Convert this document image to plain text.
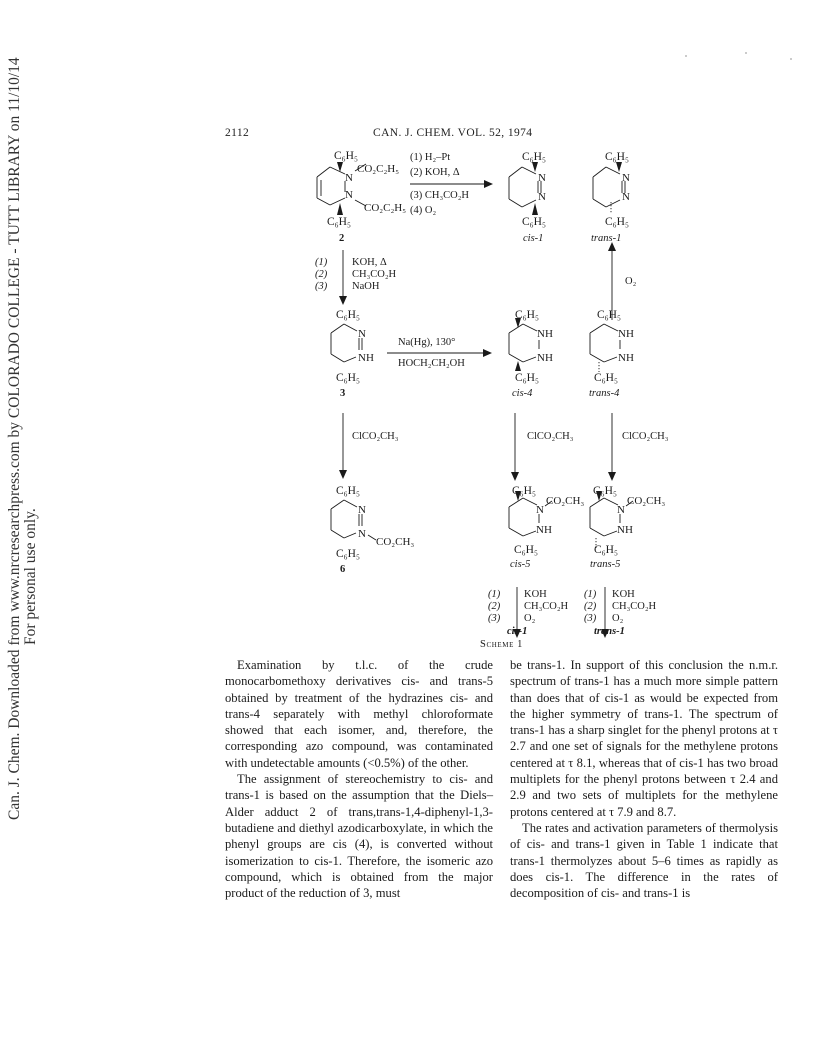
Can. J. Chem. Downloaded from www.nrcresearchpress.com by COLORADO COLLEGE - TUTT LIBRARY on 11/10/14 For personal use only.
2112	CAN. J. CHEM. VOL. 52, 1974
C₆H₅
N
CO₂C₂H₅
N
CO₂C₂H₅
C₆H₅
2
(1) H₂–Pt
(2) KOH, Δ
(3) CH₃CO₂H
(4) O₂
C₆H₅
N
N
C₆H₅
cis-1
C₆H₅
N
N
C₆H₅
trans-1
(1)
(2)
(3)
KOH, Δ
CH₃CO₂H
NaOH	O₂
C₆H₅
N
NH
C₆H₅
3
Na(Hg), 130°
HOCH₂CH₂OH
C₆H₅
NH
NH
C₆H₅
cis-4
C₆H₅
NH
NH
C₆H₅
trans-4
ClCO₂CH₃	ClCO₂CH₃	ClCO₂CH₃
C₆H₅
N
N
CO₂CH₃
C₆H₅
6
C₆H₅
CO₂CH₃
N
NH
C₆H₅
cis-5
C₆H₅
CO₂CH₃
N
NH
C₆H₅
trans-5
(1)
(2)
(3)
KOH
CH₃CO₂H
O₂
(1)
(2)
(3)
KOH
CH₃CO₂H
O₂
cis-1	trans-1
Scheme 1

Examination by t.l.c. of the crude monocarbomethoxy derivatives cis- and trans-5 obtained by treatment of the hydrazines cis- and trans-4 separately with methyl chloroformate showed that each isomer, and, therefore, the corresponding azo compound, was contaminated with undetectable amounts (<0.5%) of the other.

The assignment of stereochemistry to cis- and trans-1 is based on the assumption that the Diels–Alder adduct 2 of trans,trans-1,4-diphenyl-1,3-butadiene and diethyl azodicarboxylate, in which the phenyl groups are cis (4), is converted without isomerization to cis-1. Therefore, the isomeric azo compound, which is obtained from the major product of the reduction of 3, must

be trans-1. In support of this conclusion the n.m.r. spectrum of trans-1 has a much more simple pattern than does that of cis-1 as would be expected from the higher symmetry of trans-1. The spectrum of trans-1 has a sharp singlet for the phenyl protons at τ 2.7 and one set of signals for the methylene protons centered at τ 8.1, whereas that of cis-1 has two broad multiplets for the phenyl protons between τ 2.4 and 2.9 and two sets of multiplets for the methylene protons centered at τ 7.9 and 8.7.

The rates and activation parameters of thermolysis of cis- and trans-1 given in Table 1 indicate that trans-1 thermolyzes about 5–6 times as rapidly as does cis-1. The difference in the rates of decomposition of cis- and trans-1 is
